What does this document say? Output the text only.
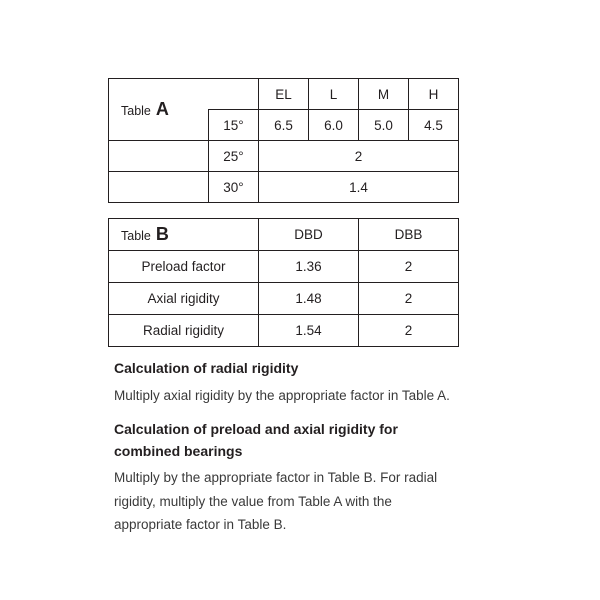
Table A		EL	L	M	H
	15°	6.5	6.0	5.0	4.5
	25°	2			
	30°	1.4			
Table B	DBD	DBB
Preload factor	1.36	2
Axial rigidity	1.48	2
Radial rigidity	1.54	2

Calculation of radial rigidity

Multiply axial rigidity by the appropriate factor in Table A.

Calculation of preload and axial rigidity for combined bearings

Multiply by the appropriate factor in Table B. For radial rigidity, multiply the value from Table A with the appropriate factor in Table B.
